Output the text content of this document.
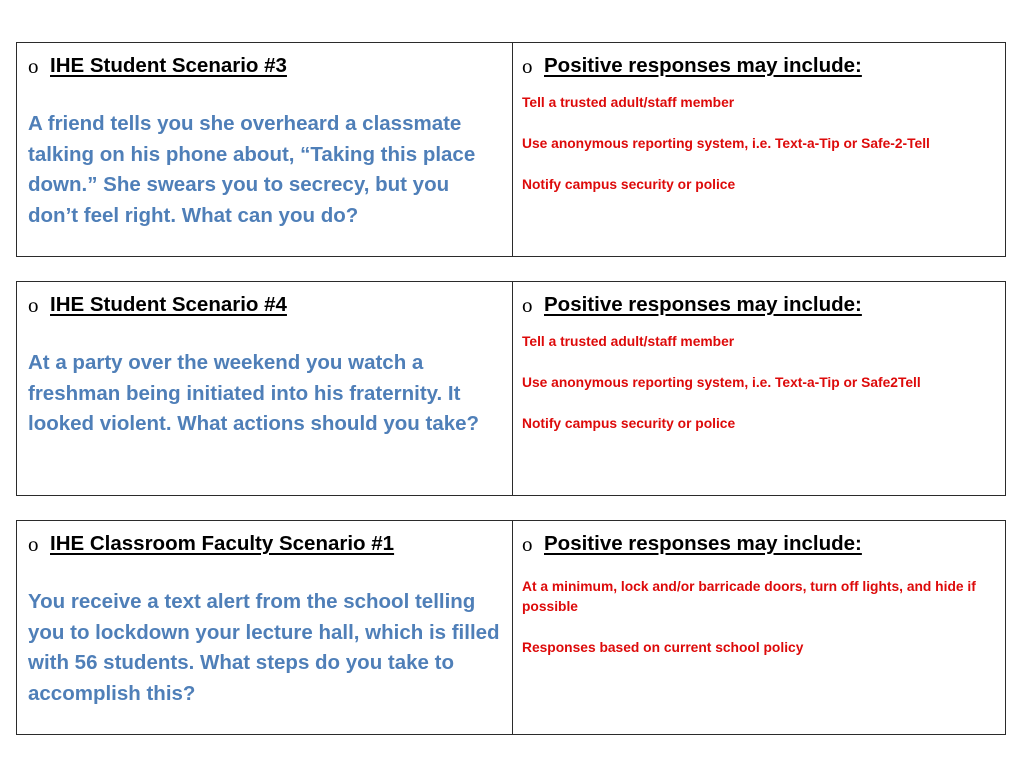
o IHE Student Scenario #3

A friend tells you she overheard a classmate talking on his phone about, “Taking this place down.” She swears you to secrecy, but you don’t feel right. What can you do?

o Positive responses may include:
Tell a trusted adult/staff member
Use anonymous reporting system, i.e. Text-a-Tip or Safe-2-Tell
Notify campus security or police
o IHE Student Scenario #4

At a party over the weekend you watch a freshman being initiated into his fraternity. It looked violent. What actions should you take?

o Positive responses may include:
Tell a trusted adult/staff member
Use anonymous reporting system, i.e. Text-a-Tip or Safe2Tell
Notify campus security or police
o IHE Classroom Faculty Scenario #1

You receive a text alert from the school telling you to lockdown your lecture hall, which is filled with 56 students. What steps do you take to accomplish this?

o Positive responses may include:
At a minimum, lock and/or barricade doors, turn off lights, and hide if possible
Responses based on current school policy
